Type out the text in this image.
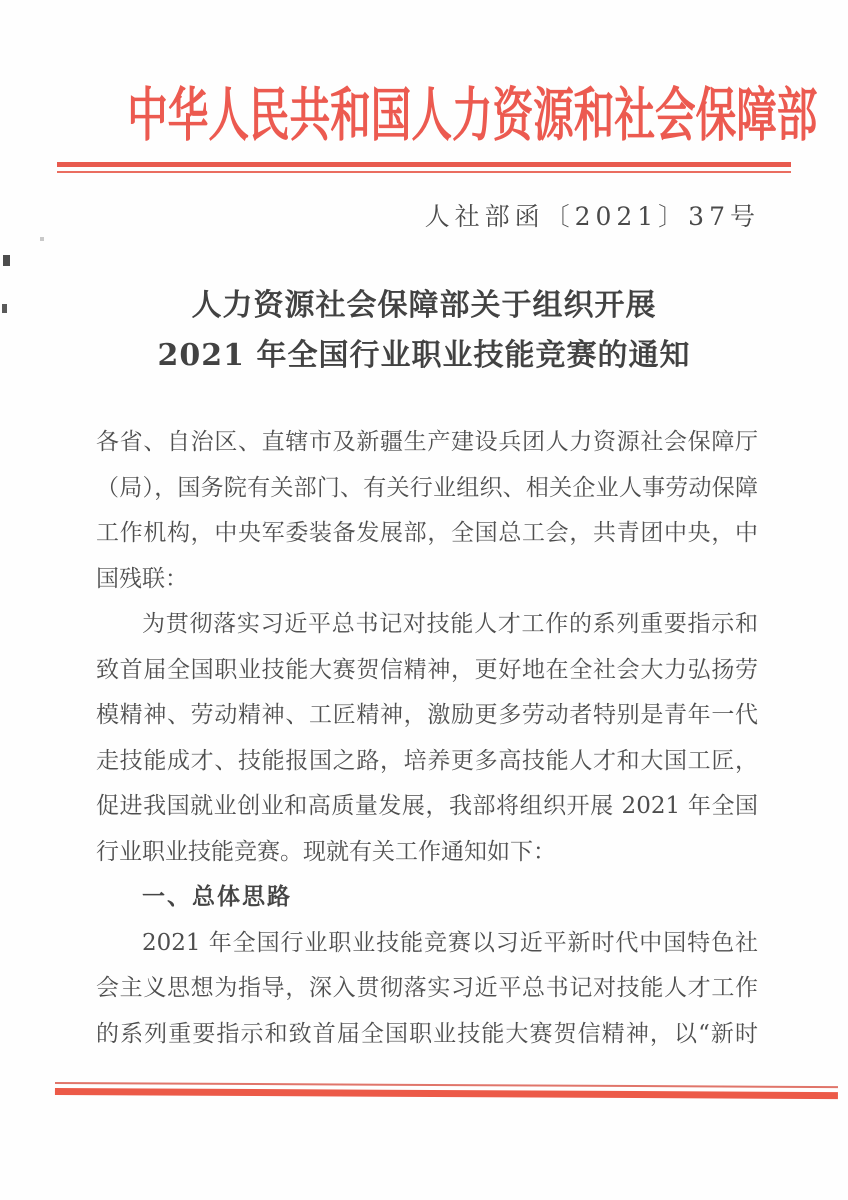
中华人民共和国人力资源和社会保障部
人社部函〔2021〕37号
人力资源社会保障部关于组织开展
2021 年全国行业职业技能竞赛的通知
各省、自治区、直辖市及新疆生产建设兵团人力资源社会保障厅
（局），国务院有关部门、有关行业组织、相关企业人事劳动保障
工作机构，中央军委装备发展部，全国总工会，共青团中央，中
国残联：
为贯彻落实习近平总书记对技能人才工作的系列重要指示和
致首届全国职业技能大赛贺信精神，更好地在全社会大力弘扬劳
模精神、劳动精神、工匠精神，激励更多劳动者特别是青年一代
走技能成才、技能报国之路，培养更多高技能人才和大国工匠，
促进我国就业创业和高质量发展，我部将组织开展 2021 年全国
行业职业技能竞赛。现就有关工作通知如下：
一、总体思路
2021 年全国行业职业技能竞赛以习近平新时代中国特色社
会主义思想为指导，深入贯彻落实习近平总书记对技能人才工作
的系列重要指示和致首届全国职业技能大赛贺信精神，以“新时
